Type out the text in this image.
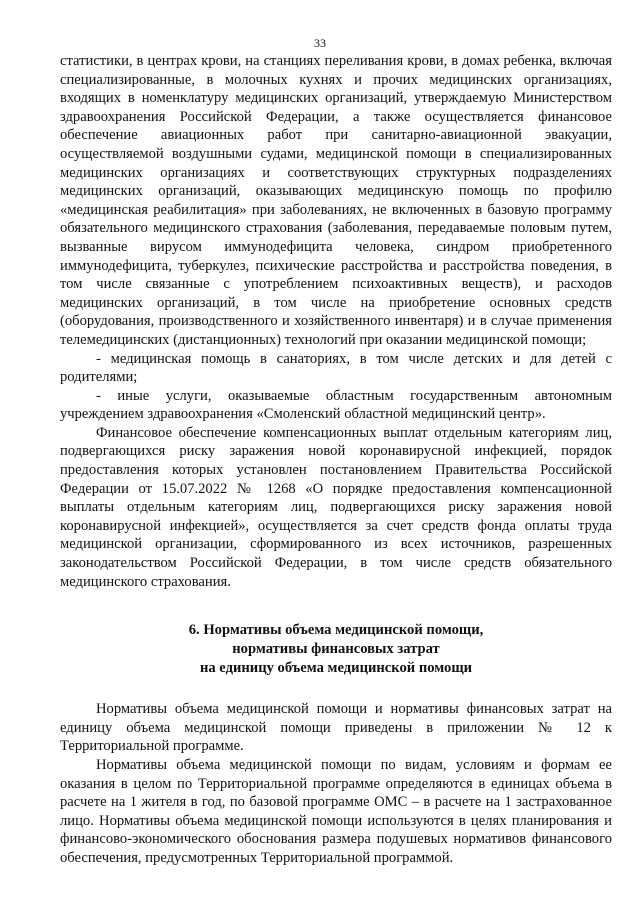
33

статистики, в центрах крови, на станциях переливания крови, в домах ребенка, включая специализированные, в молочных кухнях и прочих медицинских организациях, входящих в номенклатуру медицинских организаций, утверждаемую Министерством здравоохранения Российской Федерации, а также осуществляется финансовое обеспечение авиационных работ при санитарно-авиационной эвакуации, осуществляемой воздушными судами, медицинской помощи в специализированных медицинских организациях и соответствующих структурных подразделениях медицинских организаций, оказывающих медицинскую помощь по профилю «медицинская реабилитация» при заболеваниях, не включенных в базовую программу обязательного медицинского страхования (заболевания, передаваемые половым путем, вызванные вирусом иммунодефицита человека, синдром приобретенного иммунодефицита, туберкулез, психические расстройства и расстройства поведения, в том числе связанные с употреблением психоактивных веществ), и расходов медицинских организаций, в том числе на приобретение основных средств (оборудования, производственного и хозяйственного инвентаря) и в случае применения телемедицинских (дистанционных) технологий при оказании медицинской помощи;

- медицинская помощь в санаториях, в том числе детских и для детей с родителями;

- иные услуги, оказываемые областным государственным автономным учреждением здравоохранения «Смоленский областной медицинский центр».

Финансовое обеспечение компенсационных выплат отдельным категориям лиц, подвергающихся риску заражения новой коронавирусной инфекцией, порядок предоставления которых установлен постановлением Правительства Российской Федерации от 15.07.2022 № 1268 «О порядке предоставления компенсационной выплаты отдельным категориям лиц, подвергающихся риску заражения новой коронавирусной инфекцией», осуществляется за счет средств фонда оплаты труда медицинской организации, сформированного из всех источников, разрешенных законодательством Российской Федерации, в том числе средств обязательного медицинского страхования.

6. Нормативы объема медицинской помощи,
нормативы финансовых затрат
на единицу объема медицинской помощи

Нормативы объема медицинской помощи и нормативы финансовых затрат на единицу объема медицинской помощи приведены в приложении № 12 к Территориальной программе.

Нормативы объема медицинской помощи по видам, условиям и формам ее оказания в целом по Территориальной программе определяются в единицах объема в расчете на 1 жителя в год, по базовой программе ОМС – в расчете на 1 застрахованное лицо. Нормативы объема медицинской помощи используются в целях планирования и финансово-экономического обоснования размера подушевых нормативов финансового обеспечения, предусмотренных Территориальной программой.
